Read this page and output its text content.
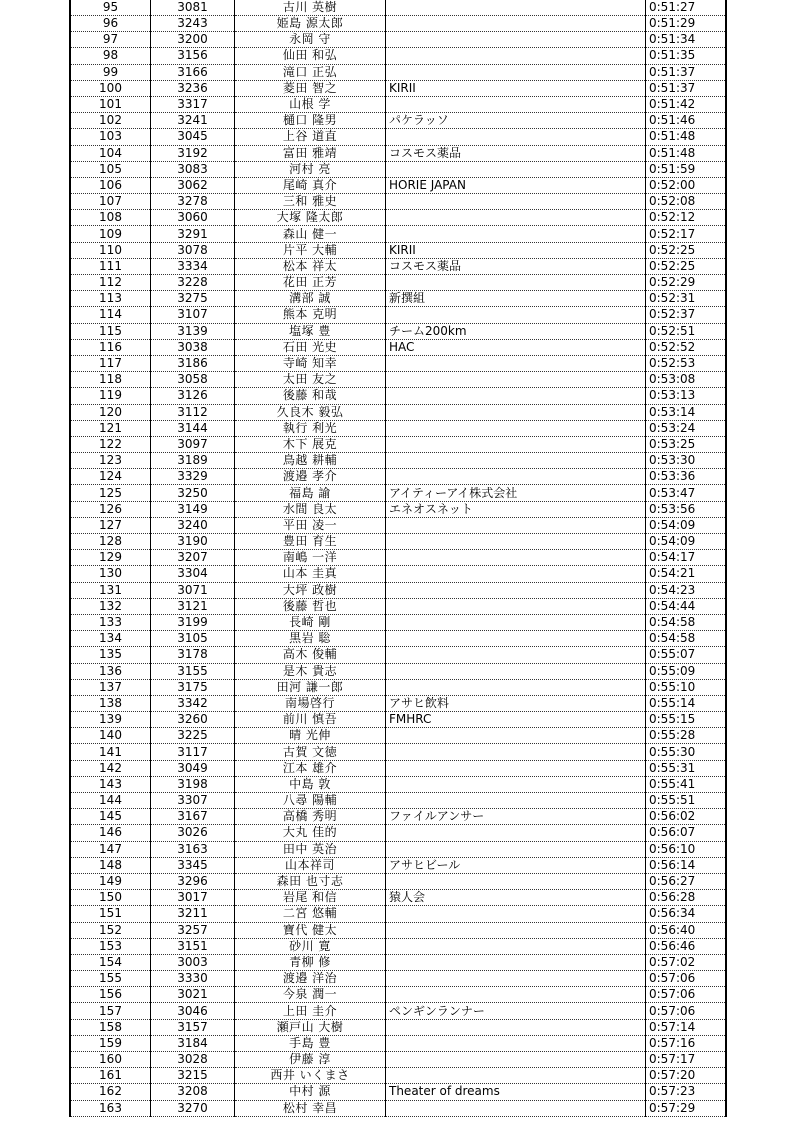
95	3081	古川 英樹		0:51:27
96	3243	姫島 源太郎		0:51:29
97	3200	永岡 守		0:51:34
98	3156	仙田 和弘		0:51:35
99	3166	滝口 正弘		0:51:37
100	3236	菱田 智之	KIRII	0:51:37
101	3317	山根 学		0:51:42
102	3241	樋口 隆男	パケラッソ	0:51:46
103	3045	上谷 道直		0:51:48
104	3192	富田 雅靖	コスモス薬品	0:51:48
105	3083	河村 亮		0:51:59
106	3062	尾崎 真介	HORIE JAPAN	0:52:00
107	3278	三和 雅史		0:52:08
108	3060	大塚 隆太郎		0:52:12
109	3291	森山 健一		0:52:17
110	3078	片平 大輔	KIRII	0:52:25
111	3334	松本 祥太	コスモス薬品	0:52:25
112	3228	花田 正芳		0:52:29
113	3275	溝部 誠	新撰組	0:52:31
114	3107	熊本 克明		0:52:37
115	3139	塩塚 豊	チーム200km	0:52:51
116	3038	石田 光史	HAC	0:52:52
117	3186	寺崎 知幸		0:52:53
118	3058	太田 友之		0:53:08
119	3126	後藤 和哉		0:53:13
120	3112	久良木 毅弘		0:53:14
121	3144	執行 利光		0:53:24
122	3097	木下 展克		0:53:25
123	3189	鳥越 耕輔		0:53:30
124	3329	渡邉 孝介		0:53:36
125	3250	福島 諭	アイティーアイ株式会社	0:53:47
126	3149	水間 良太	エネオスネット	0:53:56
127	3240	平田 凌一		0:54:09
128	3190	豊田 育生		0:54:09
129	3207	南嶋 一洋		0:54:17
130	3304	山本 圭真		0:54:21
131	3071	大坪 政樹		0:54:23
132	3121	後藤 哲也		0:54:44
133	3199	長崎 剛		0:54:58
134	3105	黒岩 聡		0:54:58
135	3178	高木 俊輔		0:55:07
136	3155	是木 貴志		0:55:09
137	3175	田河 謙一郎		0:55:10
138	3342	南場啓行	アサヒ飲料	0:55:14
139	3260	前川 慎吾	FMHRC	0:55:15
140	3225	晴 光伸		0:55:28
141	3117	古賀 文徳		0:55:30
142	3049	江本 雄介		0:55:31
143	3198	中島 敦		0:55:41
144	3307	八尋 陽輔		0:55:51
145	3167	高橋 秀明	ファイルアンサー	0:56:02
146	3026	大丸 佳的		0:56:07
147	3163	田中 英治		0:56:10
148	3345	山本祥司	アサヒビール	0:56:14
149	3296	森田 也寸志		0:56:27
150	3017	岩尾 和信	猿人会	0:56:28
151	3211	二宮 悠輔		0:56:34
152	3257	寶代 健太		0:56:40
153	3151	砂川 寛		0:56:46
154	3003	青柳 修		0:57:02
155	3330	渡邉 洋治		0:57:06
156	3021	今泉 潤一		0:57:06
157	3046	上田 圭介	ペンギンランナー	0:57:06
158	3157	瀬戸山 大樹		0:57:14
159	3184	手島 豊		0:57:16
160	3028	伊藤 淳		0:57:17
161	3215	西井 いくまさ		0:57:20
162	3208	中村 源	Theater of dreams	0:57:23
163	3270	松村 幸昌		0:57:29
